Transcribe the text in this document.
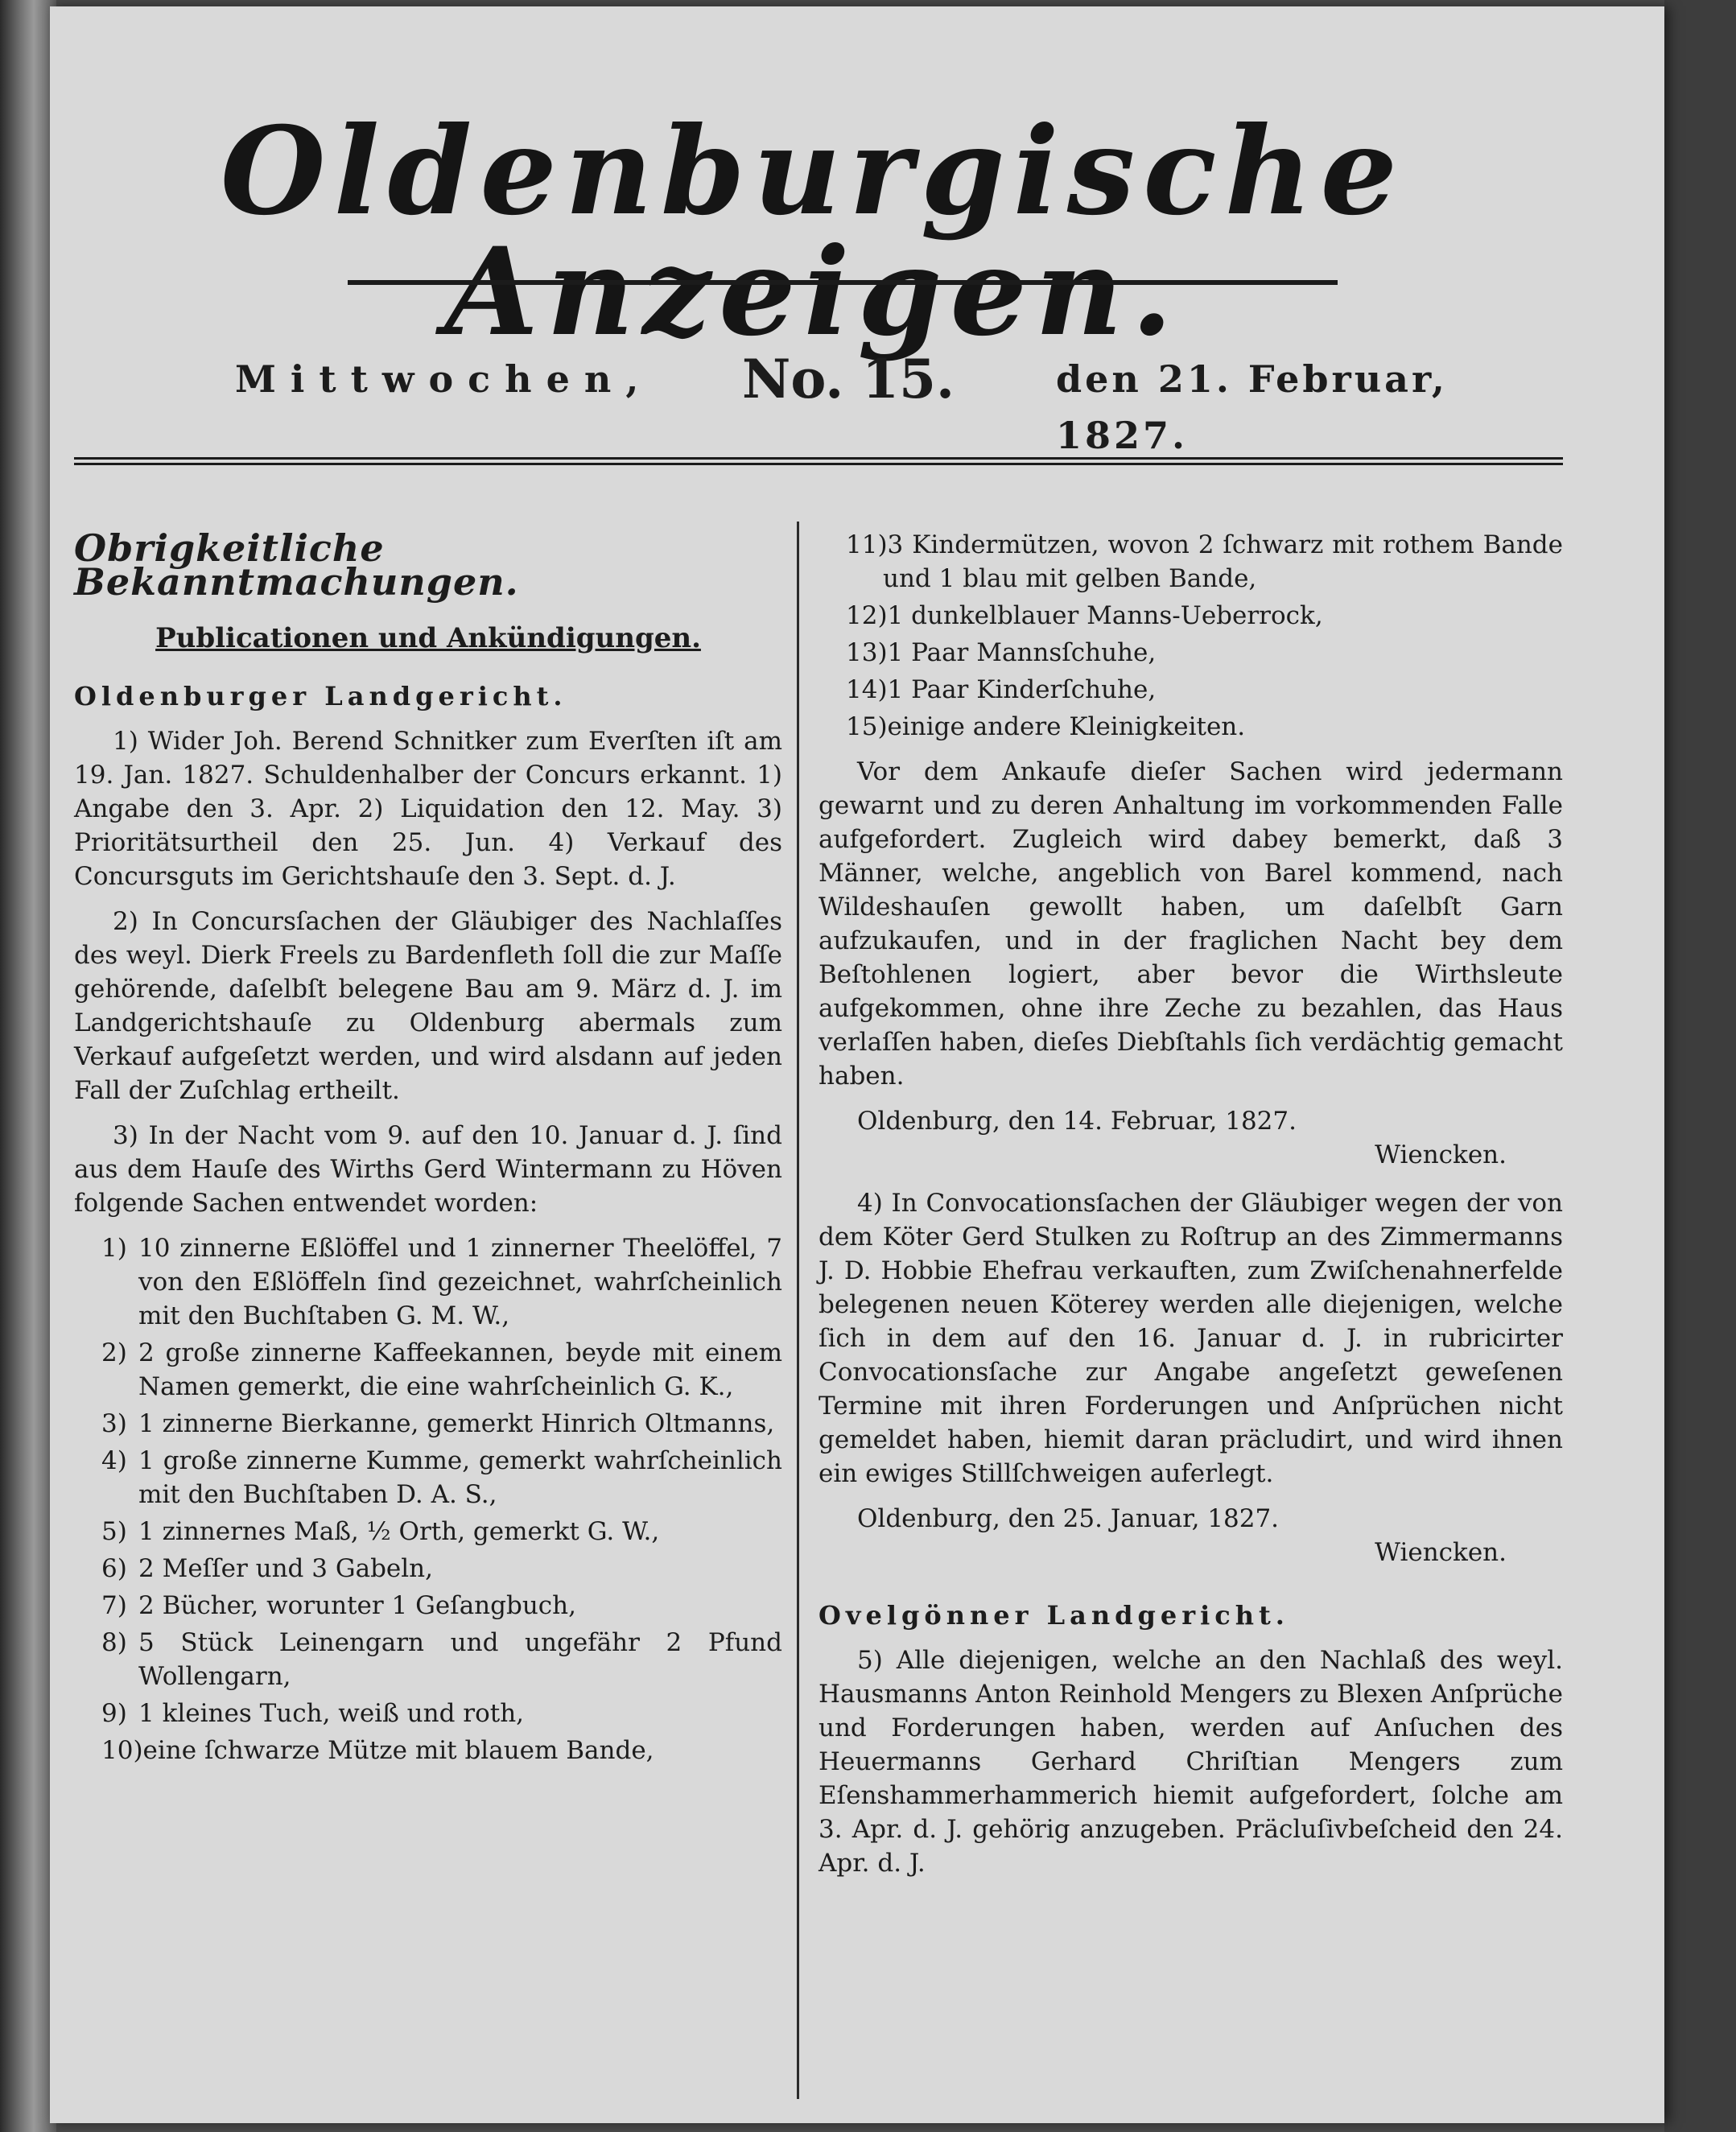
Oldenburgische Anzeigen.
Mittwochen, No. 15.	den 21. Februar, 1827.
Obrigkeitliche Bekanntmachungen.
Publicationen und Ankündigungen.
Oldenburger Landgericht.

1) Wider Joh. Berend Schnitker zum Everſten iſt am 19. Jan. 1827. Schuldenhalber der Concurs erkannt. 1) Angabe den 3. Apr. 2) Liquidation den 12. May. 3) Prioritätsurtheil den 25. Jun. 4) Verkauf des Concursguts im Gerichtshauſe den 3. Sept. d. J.

2) In Concursſachen der Gläubiger des Nachlaſſes des weyl. Dierk Freels zu Bardenfleth ſoll die zur Maſſe gehörende, daſelbſt belegene Bau am 9. März d. J. im Landgerichtshauſe zu Oldenburg abermals zum Verkauf aufgeſetzt werden, und wird alsdann auf jeden Fall der Zuſchlag ertheilt.

3) In der Nacht vom 9. auf den 10. Januar d. J. ſind aus dem Hauſe des Wirths Gerd Wintermann zu Höven folgende Sachen entwendet worden:

1) 10 zinnerne Eßlöffel und 1 zinnerner Theelöffel, 7 von den Eßlöffeln ſind gezeichnet, wahrſcheinlich mit den Buchſtaben G. M. W.,
2) 2 große zinnerne Kaffeekannen, beyde mit einem Namen gemerkt, die eine wahrſcheinlich G. K.,
3) 1 zinnerne Bierkanne, gemerkt Hinrich Oltmanns,
4) 1 große zinnerne Kumme, gemerkt wahrſcheinlich mit den Buchſtaben D. A. S.,
5) 1 zinnernes Maß, ½ Orth, gemerkt G. W.,
6) 2 Meſſer und 3 Gabeln,
7) 2 Bücher, worunter 1 Geſangbuch,
8) 5 Stück Leinengarn und ungefähr 2 Pfund Wollengarn,
9) 1 kleines Tuch, weiß und roth,
10)eine ſchwarze Mütze mit blauem Bande,
11)3 Kindermützen, wovon 2 ſchwarz mit rothem Bande und 1 blau mit gelben Bande,
12)1 dunkelblauer Manns-Ueberrock,
13)1 Paar Mannsſchuhe,
14)1 Paar Kinderſchuhe,
15)einige andere Kleinigkeiten.

Vor dem Ankaufe dieſer Sachen wird jedermann gewarnt und zu deren Anhaltung im vorkommenden Falle aufgefordert. Zugleich wird dabey bemerkt, daß 3 Männer, welche, angeblich von Barel kommend, nach Wildeshauſen gewollt haben, um daſelbſt Garn aufzukaufen, und in der fraglichen Nacht bey dem Beſtohlenen logiert, aber bevor die Wirthsleute aufgekommen, ohne ihre Zeche zu bezahlen, das Haus verlaſſen haben, dieſes Diebſtahls ſich verdächtig gemacht haben.

Oldenburg, den 14. Februar, 1827.

Wiencken.

4) In Convocationsſachen der Gläubiger wegen der von dem Köter Gerd Stulken zu Roſtrup an des Zimmermanns J. D. Hobbie Ehefrau verkauften, zum Zwiſchenahnerfelde belegenen neuen Köterey werden alle diejenigen, welche ſich in dem auf den 16. Januar d. J. in rubricirter Convocationsſache zur Angabe angeſetzt geweſenen Termine mit ihren Forderungen und Anſprüchen nicht gemeldet haben, hiemit daran präcludirt, und wird ihnen ein ewiges Stillſchweigen auferlegt.

Oldenburg, den 25. Januar, 1827.

Wiencken.

Ovelgönner Landgericht.

5) Alle diejenigen, welche an den Nachlaß des weyl. Hausmanns Anton Reinhold Mengers zu Blexen Anſprüche und Forderungen haben, werden auf Anſuchen des Heuermanns Gerhard Chriſtian Mengers zum Eſenshammerhammerich hiemit aufgefordert, ſolche am 3. Apr. d. J. gehörig anzugeben. Präcluſivbeſcheid den 24. Apr. d. J.
